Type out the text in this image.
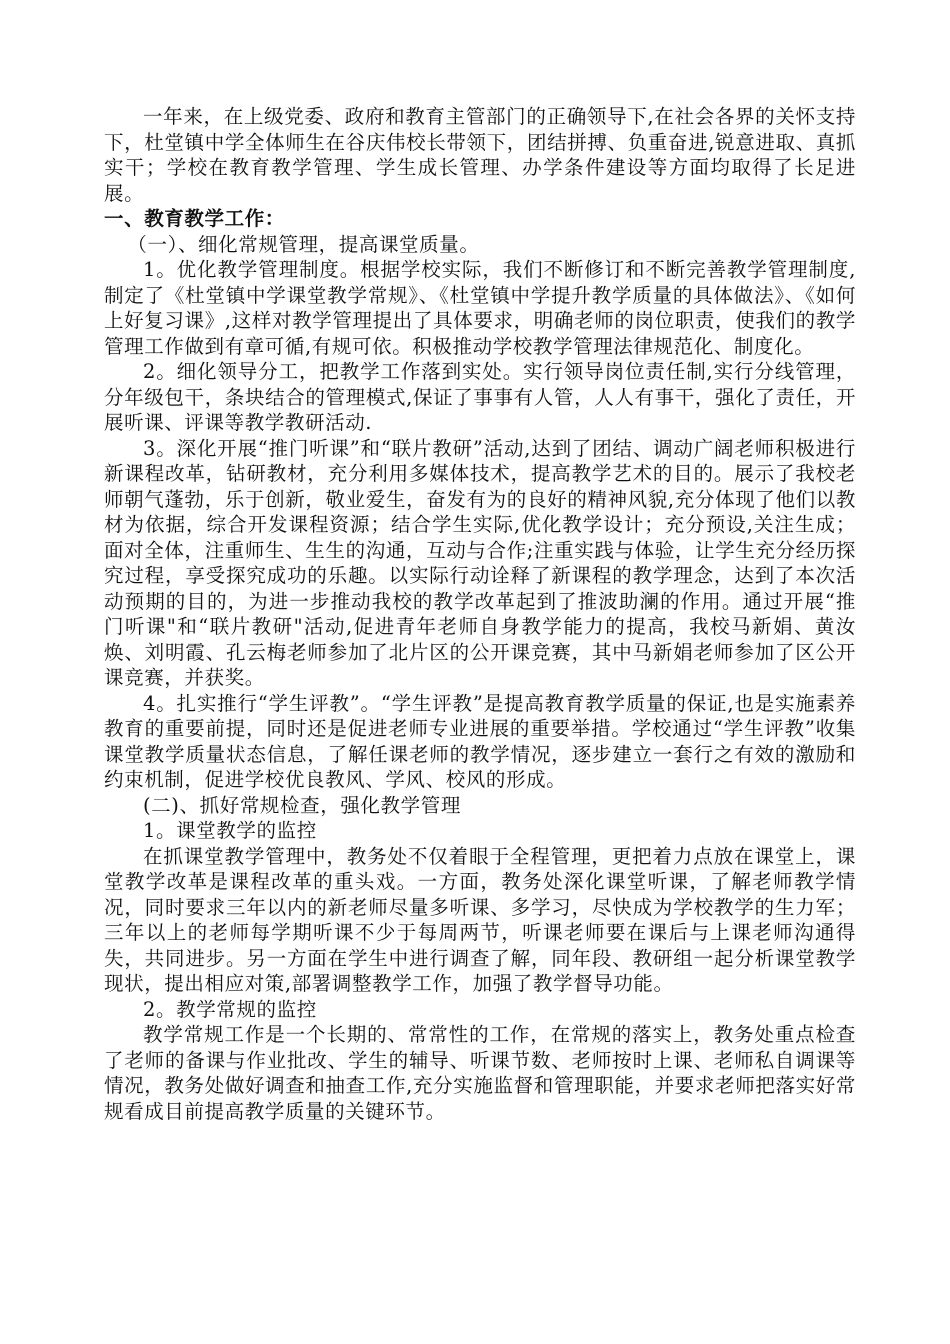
一年来，在上级党委、政府和教育主管部门的正确领导下,在社会各界的关怀支持下，杜堂镇中学全体师生在谷庆伟校长带领下，团结拼搏、负重奋进,锐意进取、真抓实干；学校在教育教学管理、学生成长管理、办学条件建设等方面均取得了长足进展。

一、教育教学工作：

（一）、细化常规管理，提高课堂质量。

1。优化教学管理制度。根据学校实际，我们不断修订和不断完善教学管理制度,制定了《杜堂镇中学课堂教学常规》、《杜堂镇中学提升教学质量的具体做法》、《如何上好复习课》,这样对教学管理提出了具体要求，明确老师的岗位职责，使我们的教学管理工作做到有章可循,有规可依。积极推动学校教学管理法律规范化、制度化。

2。细化领导分工，把教学工作落到实处。实行领导岗位责任制,实行分线管理，分年级包干，条块结合的管理模式,保证了事事有人管，人人有事干，强化了责任，开展听课、评课等教学教研活动.

3。深化开展“推门听课”和“联片教研”活动,达到了团结、调动广阔老师积极进行新课程改革，钻研教材，充分利用多媒体技术，提高教学艺术的目的。展示了我校老师朝气蓬勃，乐于创新，敬业爱生，奋发有为的良好的精神风貌,充分体现了他们以教材为依据，综合开发课程资源；结合学生实际,优化教学设计；充分预设,关注生成；面对全体，注重师生、生生的沟通，互动与合作;注重实践与体验，让学生充分经历探究过程，享受探究成功的乐趣。以实际行动诠释了新课程的教学理念，达到了本次活动预期的目的，为进一步推动我校的教学改革起到了推波助澜的作用。通过开展“推门听课"和“联片教研"活动,促进青年老师自身教学能力的提高，我校马新娟、黄汝焕、刘明霞、孔云梅老师参加了北片区的公开课竞赛，其中马新娟老师参加了区公开课竞赛，并获奖。

4。扎实推行“学生评教”。“学生评教”是提高教育教学质量的保证,也是实施素养教育的重要前提，同时还是促进老师专业进展的重要举措。学校通过“学生评教”收集课堂教学质量状态信息，了解任课老师的教学情况，逐步建立一套行之有效的激励和约束机制，促进学校优良教风、学风、校风的形成。

(二)、抓好常规检查，强化教学管理

1。课堂教学的监控

在抓课堂教学管理中，教务处不仅着眼于全程管理，更把着力点放在课堂上，课堂教学改革是课程改革的重头戏。一方面，教务处深化课堂听课，了解老师教学情况，同时要求三年以内的新老师尽量多听课、多学习，尽快成为学校教学的生力军；三年以上的老师每学期听课不少于每周两节，听课老师要在课后与上课老师沟通得失，共同进步。另一方面在学生中进行调查了解，同年段、教研组一起分析课堂教学现状，提出相应对策,部署调整教学工作，加强了教学督导功能。

2。教学常规的监控

教学常规工作是一个长期的、常常性的工作，在常规的落实上，教务处重点检查了老师的备课与作业批改、学生的辅导、听课节数、老师按时上课、老师私自调课等情况，教务处做好调查和抽查工作,充分实施监督和管理职能，并要求老师把落实好常规看成目前提高教学质量的关键环节。
